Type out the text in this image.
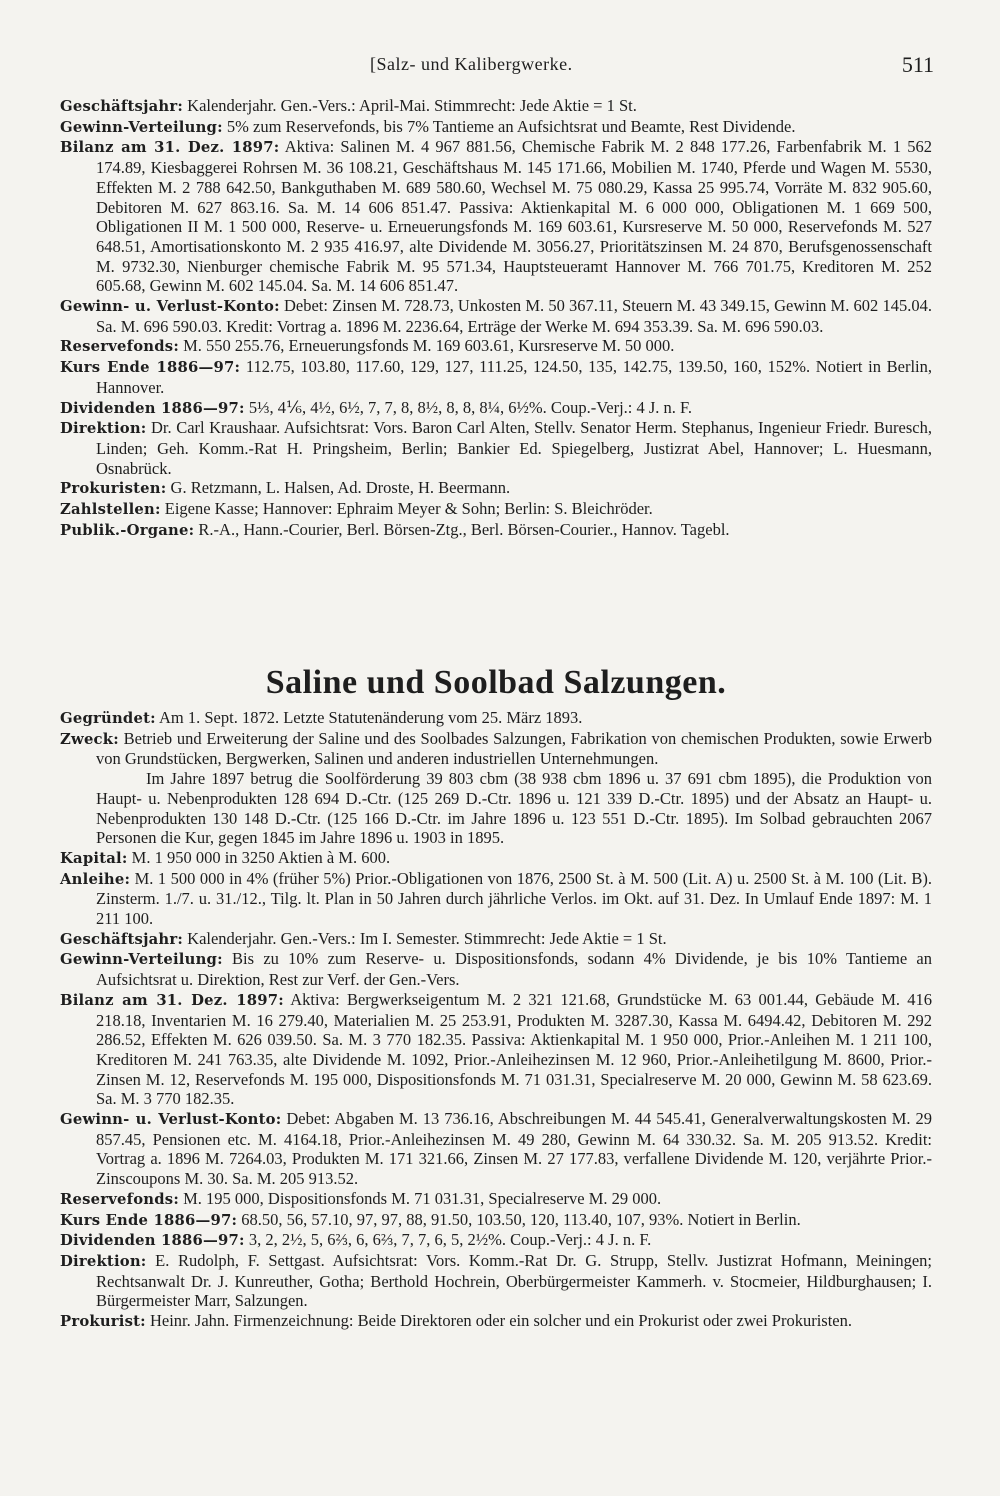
[Salz- und Kalibergwerke.	511

Geschäftsjahr: Kalenderjahr. Gen.-Vers.: April-Mai. Stimmrecht: Jede Aktie = 1 St.

Gewinn-Verteilung: 5% zum Reservefonds, bis 7% Tantieme an Aufsichtsrat und Beamte, Rest Dividende.

Bilanz am 31. Dez. 1897: Aktiva: Salinen M. 4 967 881.56, Chemische Fabrik M. 2 848 177.26, Farbenfabrik M. 1 562 174.89, Kiesbaggerei Rohrsen M. 36 108.21, Geschäftshaus M. 145 171.66, Mobilien M. 1740, Pferde und Wagen M. 5530, Effekten M. 2 788 642.50, Bankguthaben M. 689 580.60, Wechsel M. 75 080.29, Kassa 25 995.74, Vorräte M. 832 905.60, Debitoren M. 627 863.16. Sa. M. 14 606 851.47. Passiva: Aktienkapital M. 6 000 000, Obligationen M. 1 669 500, Obligationen II M. 1 500 000, Reserve- u. Erneuerungsfonds M. 169 603.61, Kursreserve M. 50 000, Reservefonds M. 527 648.51, Amortisationskonto M. 2 935 416.97, alte Dividende M. 3056.27, Prioritätszinsen M. 24 870, Berufsgenossenschaft M. 9732.30, Nienburger chemische Fabrik M. 95 571.34, Hauptsteueramt Hannover M. 766 701.75, Kreditoren M. 252 605.68, Gewinn M. 602 145.04. Sa. M. 14 606 851.47.

Gewinn- u. Verlust-Konto: Debet: Zinsen M. 728.73, Unkosten M. 50 367.11, Steuern M. 43 349.15, Gewinn M. 602 145.04. Sa. M. 696 590.03. Kredit: Vortrag a. 1896 M. 2236.64, Erträge der Werke M. 694 353.39. Sa. M. 696 590.03.

Reservefonds: M. 550 255.76, Erneuerungsfonds M. 169 603.61, Kursreserve M. 50 000.

Kurs Ende 1886—97: 112.75, 103.80, 117.60, 129, 127, 111.25, 124.50, 135, 142.75, 139.50, 160, 152%. Notiert in Berlin, Hannover.

Dividenden 1886—97: 5⅓, 4⅙, 4½, 6½, 7, 7, 8, 8½, 8, 8, 8¼, 6½%. Coup.-Verj.: 4 J. n. F.

Direktion: Dr. Carl Kraushaar. Aufsichtsrat: Vors. Baron Carl Alten, Stellv. Senator Herm. Stephanus, Ingenieur Friedr. Buresch, Linden; Geh. Komm.-Rat H. Pringsheim, Berlin; Bankier Ed. Spiegelberg, Justizrat Abel, Hannover; L. Huesmann, Osnabrück.

Prokuristen: G. Retzmann, L. Halsen, Ad. Droste, H. Beermann.

Zahlstellen: Eigene Kasse; Hannover: Ephraim Meyer & Sohn; Berlin: S. Bleichröder.

Publik.-Organe: R.-A., Hann.-Courier, Berl. Börsen-Ztg., Berl. Börsen-Courier., Hannov. Tagebl.

Saline und Soolbad Salzungen.

Gegründet: Am 1. Sept. 1872. Letzte Statutenänderung vom 25. März 1893.

Zweck: Betrieb und Erweiterung der Saline und des Soolbades Salzungen, Fabrikation von chemischen Produkten, sowie Erwerb von Grundstücken, Bergwerken, Salinen und anderen industriellen Unternehmungen.

Im Jahre 1897 betrug die Soolförderung 39 803 cbm (38 938 cbm 1896 u. 37 691 cbm 1895), die Produktion von Haupt- u. Nebenprodukten 128 694 D.-Ctr. (125 269 D.-Ctr. 1896 u. 121 339 D.-Ctr. 1895) und der Absatz an Haupt- u. Nebenprodukten 130 148 D.-Ctr. (125 166 D.-Ctr. im Jahre 1896 u. 123 551 D.-Ctr. 1895). Im Solbad gebrauchten 2067 Personen die Kur, gegen 1845 im Jahre 1896 u. 1903 in 1895.

Kapital: M. 1 950 000 in 3250 Aktien à M. 600.

Anleihe: M. 1 500 000 in 4% (früher 5%) Prior.-Obligationen von 1876, 2500 St. à M. 500 (Lit. A) u. 2500 St. à M. 100 (Lit. B). Zinsterm. 1./7. u. 31./12., Tilg. lt. Plan in 50 Jahren durch jährliche Verlos. im Okt. auf 31. Dez. In Umlauf Ende 1897: M. 1 211 100.

Geschäftsjahr: Kalenderjahr. Gen.-Vers.: Im I. Semester. Stimmrecht: Jede Aktie = 1 St.

Gewinn-Verteilung: Bis zu 10% zum Reserve- u. Dispositionsfonds, sodann 4% Dividende, je bis 10% Tantieme an Aufsichtsrat u. Direktion, Rest zur Verf. der Gen.-Vers.

Bilanz am 31. Dez. 1897: Aktiva: Bergwerkseigentum M. 2 321 121.68, Grundstücke M. 63 001.44, Gebäude M. 416 218.18, Inventarien M. 16 279.40, Materialien M. 25 253.91, Produkten M. 3287.30, Kassa M. 6494.42, Debitoren M. 292 286.52, Effekten M. 626 039.50. Sa. M. 3 770 182.35. Passiva: Aktienkapital M. 1 950 000, Prior.-Anleihen M. 1 211 100, Kreditoren M. 241 763.35, alte Dividende M. 1092, Prior.-Anleihezinsen M. 12 960, Prior.-Anleihetilgung M. 8600, Prior.-Zinsen M. 12, Reservefonds M. 195 000, Dispositionsfonds M. 71 031.31, Specialreserve M. 20 000, Gewinn M. 58 623.69. Sa. M. 3 770 182.35.

Gewinn- u. Verlust-Konto: Debet: Abgaben M. 13 736.16, Abschreibungen M. 44 545.41, Generalverwaltungskosten M. 29 857.45, Pensionen etc. M. 4164.18, Prior.-Anleihezinsen M. 49 280, Gewinn M. 64 330.32. Sa. M. 205 913.52. Kredit: Vortrag a. 1896 M. 7264.03, Produkten M. 171 321.66, Zinsen M. 27 177.83, verfallene Dividende M. 120, verjährte Prior.-Zinscoupons M. 30. Sa. M. 205 913.52.

Reservefonds: M. 195 000, Dispositionsfonds M. 71 031.31, Specialreserve M. 29 000.

Kurs Ende 1886—97: 68.50, 56, 57.10, 97, 97, 88, 91.50, 103.50, 120, 113.40, 107, 93%. Notiert in Berlin.

Dividenden 1886—97: 3, 2, 2½, 5, 6⅔, 6, 6⅔, 7, 7, 6, 5, 2½%. Coup.-Verj.: 4 J. n. F.

Direktion: E. Rudolph, F. Settgast. Aufsichtsrat: Vors. Komm.-Rat Dr. G. Strupp, Stellv. Justizrat Hofmann, Meiningen; Rechtsanwalt Dr. J. Kunreuther, Gotha; Berthold Hochrein, Oberbürgermeister Kammerh. v. Stocmeier, Hildburghausen; I. Bürgermeister Marr, Salzungen.

Prokurist: Heinr. Jahn. Firmenzeichnung: Beide Direktoren oder ein solcher und ein Prokurist oder zwei Prokuristen.
